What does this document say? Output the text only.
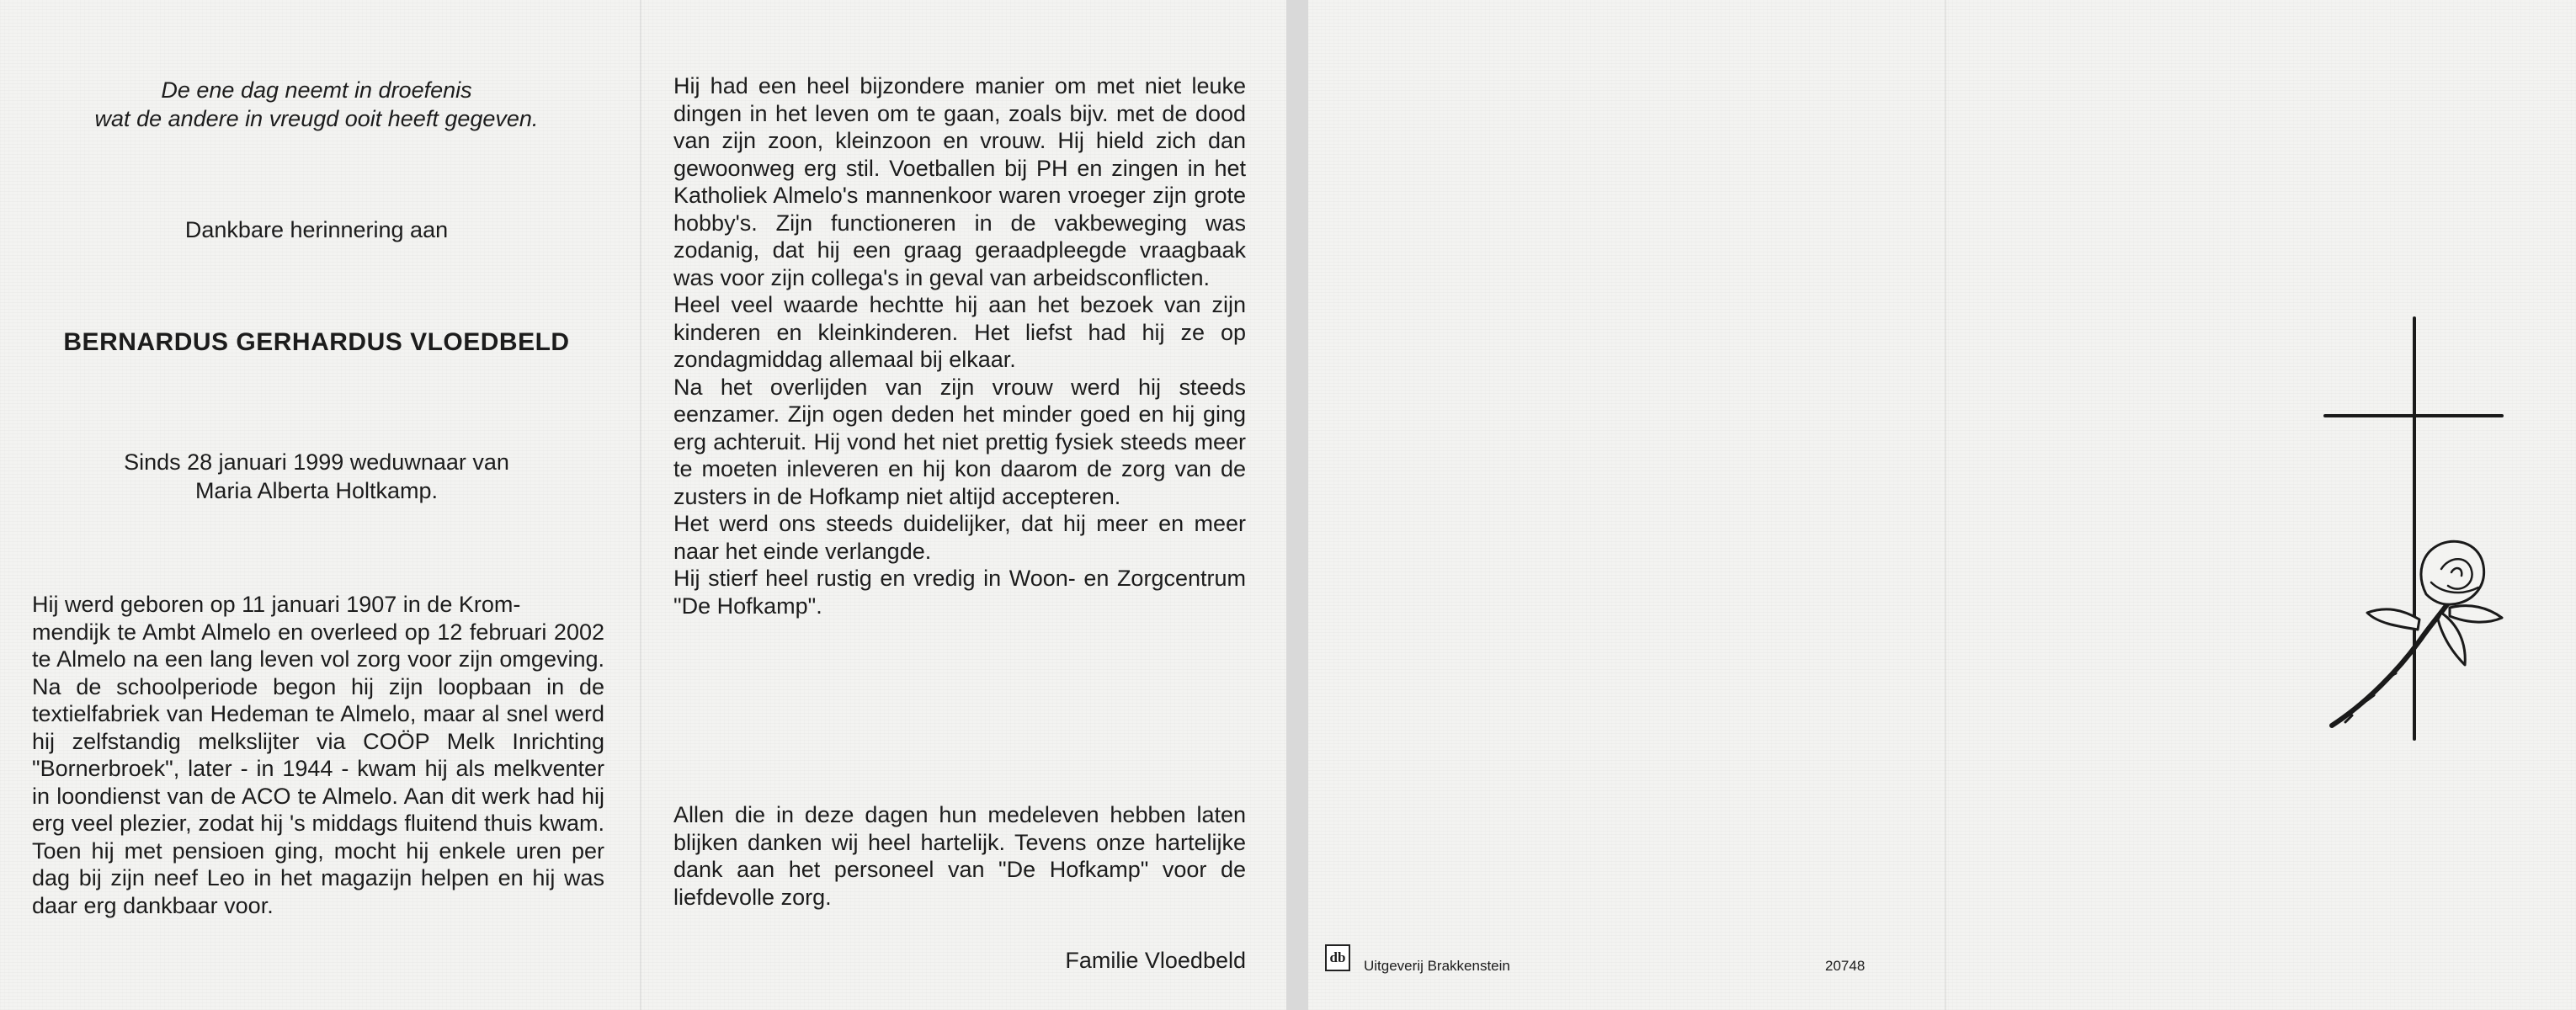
De ene dag neemt in droefenis
wat de andere in vreugd ooit heeft gegeven.
Dankbare herinnering aan
BERNARDUS GERHARDUS VLOEDBELD
Sinds 28 januari 1999 weduwnaar van
Maria Alberta Holtkamp.
Hij werd geboren op 11 januari 1907 in de Krom-
mendijk te Ambt Almelo en overleed op 12 februari 2002 te Almelo na een lang leven vol zorg voor zijn omgeving. Na de schoolperiode begon hij zijn loopbaan in de textielfabriek van Hedeman te Almelo, maar al snel werd hij zelfstandig melkslijter via COÖP Melk Inrichting "Bornerbroek", later - in 1944 - kwam hij als melkventer in loondienst van de ACO te Almelo. Aan dit werk had hij erg veel plezier, zodat hij 's middags fluitend thuis kwam. Toen hij met pensioen ging, mocht hij enkele uren per dag bij zijn neef Leo in het magazijn helpen en hij was daar erg dankbaar voor.
Hij had een heel bijzondere manier om met niet leuke dingen in het leven om te gaan, zoals bijv. met de dood van zijn zoon, kleinzoon en vrouw. Hij hield zich dan gewoonweg erg stil. Voetballen bij PH en zingen in het Katholiek Almelo's mannenkoor waren vroeger zijn grote hobby's. Zijn functioneren in de vakbeweging was zodanig, dat hij een graag geraadpleegde vraagbaak was voor zijn collega's in geval van arbeidsconflicten.
Heel veel waarde hechtte hij aan het bezoek van zijn kinderen en kleinkinderen. Het liefst had hij ze op zondagmiddag allemaal bij elkaar.
Na het overlijden van zijn vrouw werd hij steeds eenzamer. Zijn ogen deden het minder goed en hij ging erg achteruit. Hij vond het niet prettig fysiek steeds meer te moeten inleveren en hij kon daarom de zorg van de zusters in de Hofkamp niet altijd accepteren.
Het werd ons steeds duidelijker, dat hij meer en meer naar het einde verlangde.
Hij stierf heel rustig en vredig in Woon- en Zorgcentrum "De Hofkamp".
Allen die in deze dagen hun medeleven hebben laten blijken danken wij heel hartelijk. Tevens onze hartelijke dank aan het personeel van "De Hofkamp" voor de liefdevolle zorg.
Familie Vloedbeld	db
Uitgeverij Brakkenstein	20748
